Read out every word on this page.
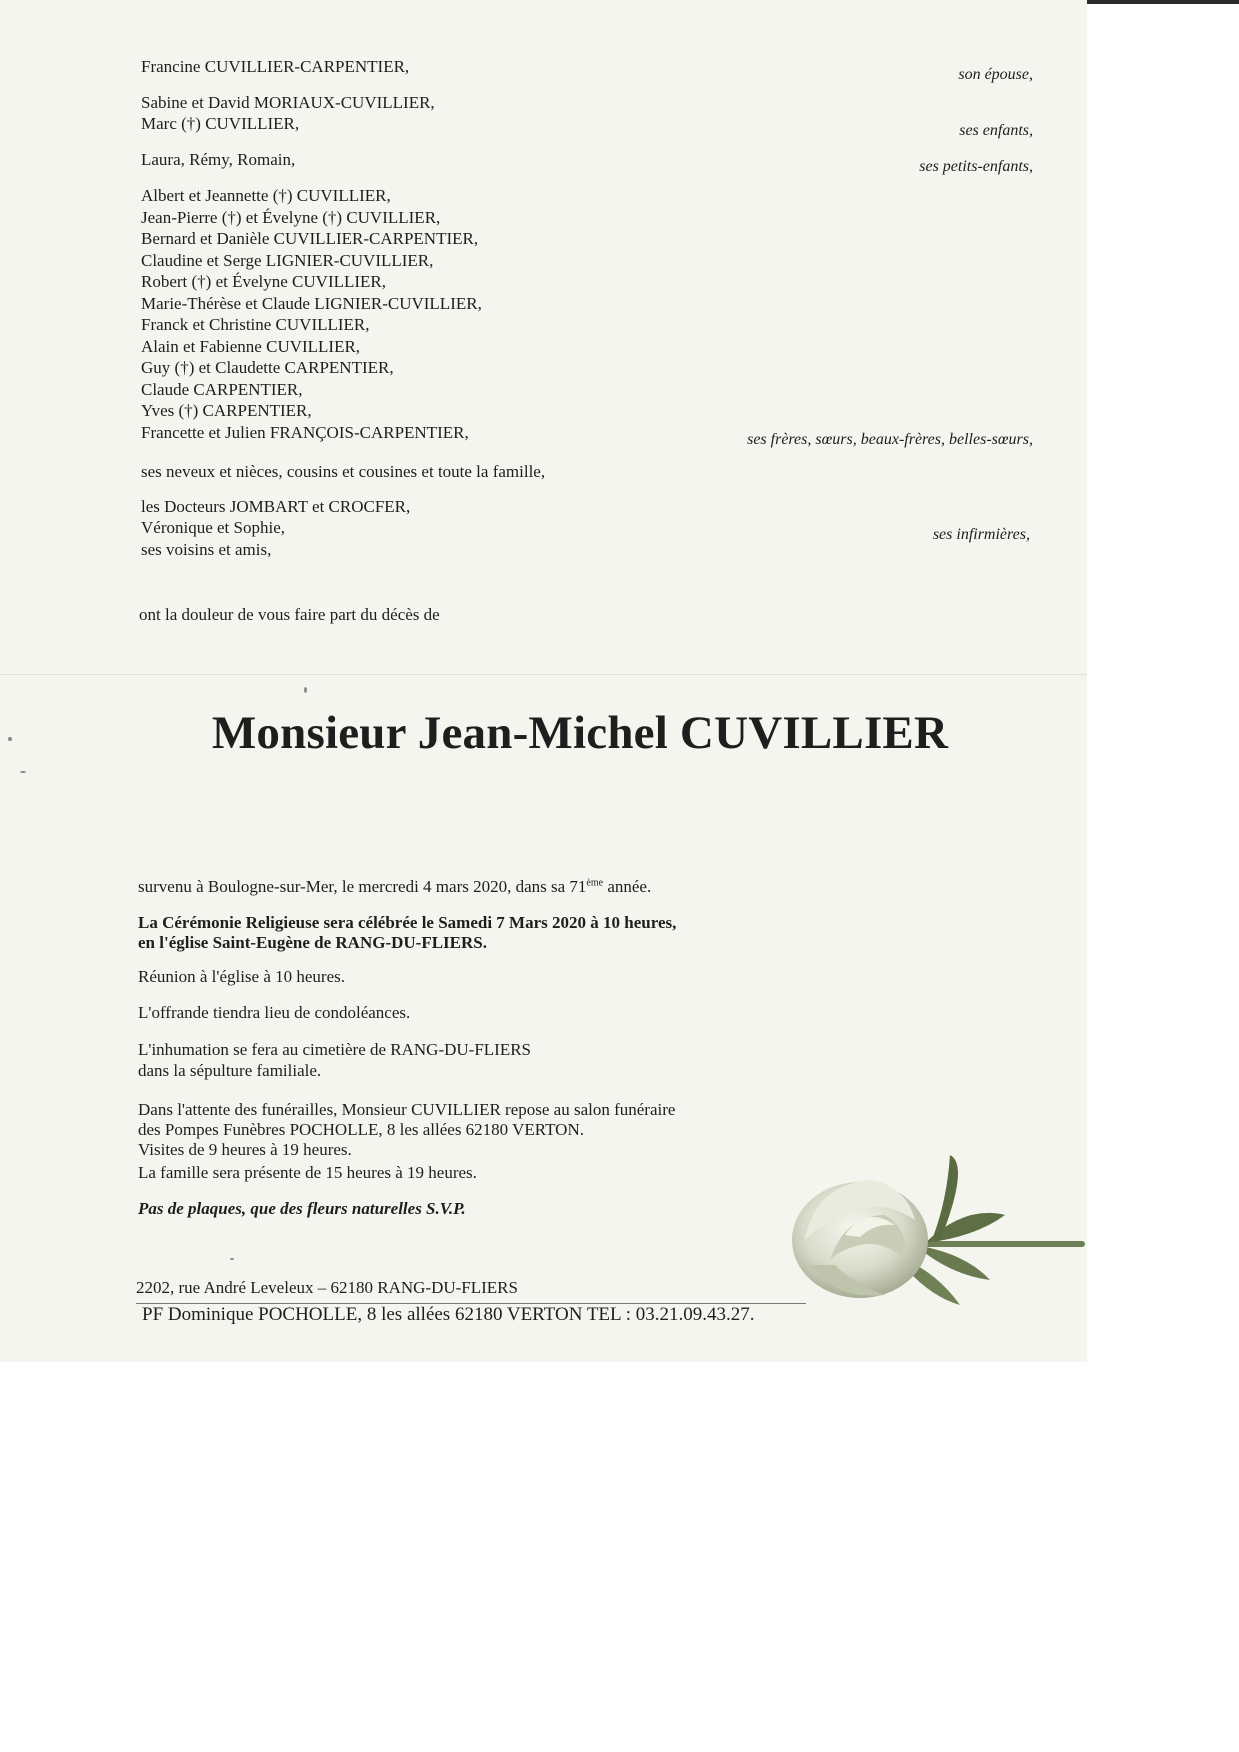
Francine CUVILLIER-CARPENTIER,
Sabine et David MORIAUX-CUVILLIER,
Marc (†) CUVILLIER,
Laura, Rémy, Romain,
Albert et Jeannette (†) CUVILLIER,
Jean-Pierre (†) et Évelyne (†) CUVILLIER,
Bernard et Danièle CUVILLIER-CARPENTIER,
Claudine et Serge LIGNIER-CUVILLIER,
Robert (†) et Évelyne CUVILLIER,
Marie-Thérèse et Claude LIGNIER-CUVILLIER,
Franck et Christine CUVILLIER,
Alain et Fabienne CUVILLIER,
Guy (†) et Claudette CARPENTIER,
Claude CARPENTIER,
Yves (†) CARPENTIER,
Francette et Julien FRANÇOIS-CARPENTIER,
ses neveux et nièces, cousins et cousines et toute la famille,
les Docteurs JOMBART et CROCFER,
Véronique et Sophie,
ses voisins et amis,
son épouse,
ses enfants,
ses petits-enfants,
ses frères, sœurs, beaux-frères, belles-sœurs,
ses infirmières,
ont la douleur de vous faire part du décès de
Monsieur Jean-Michel CUVILLIER
survenu à Boulogne-sur-Mer, le mercredi 4 mars 2020, dans sa 71ème année.
La Cérémonie Religieuse sera célébrée le Samedi 7 Mars 2020 à 10 heures,
en l'église Saint-Eugène de RANG-DU-FLIERS.
Réunion à l'église à 10 heures.
L'offrande tiendra lieu de condoléances.
L'inhumation se fera au cimetière de RANG-DU-FLIERS
dans la sépulture familiale.
Dans l'attente des funérailles, Monsieur CUVILLIER repose au salon funéraire
des Pompes Funèbres POCHOLLE, 8 les allées 62180 VERTON.
Visites de 9 heures à 19 heures.
La famille sera présente de 15 heures à 19 heures.
Pas de plaques, que des fleurs naturelles S.V.P.
2202, rue André Leveleux – 62180 RANG-DU-FLIERS
PF Dominique POCHOLLE, 8 les allées 62180 VERTON TEL : 03.21.09.43.27.
